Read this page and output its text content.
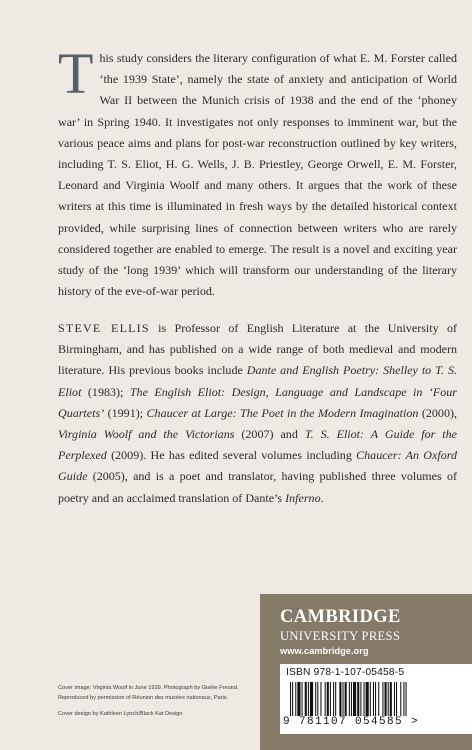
This study considers the literary configuration of what E. M. Forster called ‘the 1939 State’, namely the state of anxiety and anticipation of World War II between the Munich crisis of 1938 and the end of the ‘phoney war’ in Spring 1940. It investigates not only responses to imminent war, but the various peace aims and plans for post-war reconstruction outlined by key writers, including T. S. Eliot, H. G. Wells, J. B. Priestley, George Orwell, E. M. Forster, Leonard and Virginia Woolf and many others. It argues that the work of these writers at this time is illuminated in fresh ways by the detailed historical context provided, while surprising lines of connection between writers who are rarely considered together are enabled to emerge. The result is a novel and exciting year study of the ‘long 1939’ which will transform our understanding of the literary history of the eve-of-war period.

STEVE ELLIS is Professor of English Literature at the University of Birmingham, and has published on a wide range of both medieval and modern literature. His previous books include Dante and English Poetry: Shelley to T. S. Eliot (1983); The English Eliot: Design, Language and Landscape in ‘Four Quartets’ (1991); Chaucer at Large: The Poet in the Modern Imagination (2000), Virginia Woolf and the Victorians (2007) and T. S. Eliot: A Guide for the Perplexed (2009). He has edited several volumes including Chaucer: An Oxford Guide (2005), and is a poet and translator, having published three volumes of poetry and an acclaimed translation of Dante’s Inferno.

Cover image: Virginia Woolf in June 1939. Photograph by Gisèle Freund.
Reproduced by permission of Réunion des musées nationaux, Paris.
Cover design by Kathleen Lynch/Black Kat Design
CAMBRIDGE
UNIVERSITY PRESS
www.cambridge.org
ISBN 978-1-107-05458-5
9 781107 054585 >
